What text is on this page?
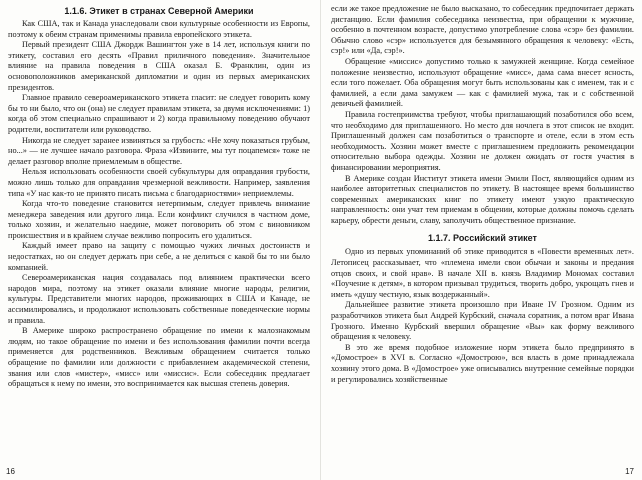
1.1.6. Этикет в странах Северной Америки

Как США, так и Канада унаследовали свои культурные особенности из Европы, поэтому к обеим странам применимы правила европейского этикета.

Первый президент США Джордж Вашингтон уже в 14 лет, используя книги по этикету, составил его десять «Правил приличного поведения». Значительное влияние на правила поведения в США оказал Б. Франклин, один из основоположников американской дипломатии и один из первых американских президентов.

Главное правило североамериканского этикета гласит: не следует говорить кому бы то ни было, что он (она) не следует правилам этикета, за двумя исключениями: 1) когда об этом специально спрашивают и 2) когда правильному поведению обучают родители, воспитатели или руководство.

Никогда не следует заранее извиняться за грубость: «Не хочу показаться грубым, но...» — не лучшее начало разговора. Фраза «Извините, мы тут поцапемся» тоже не делает разговор вполне приемлемым в обществе.

Нельзя использовать особенности своей субкультуры для оправдания грубости, можно лишь только для оправдания чрезмерной вежливости. Например, заявления типа «У нас как-то не принято писать письма с благодарностями» неприемлемы.

Когда что-то поведение становится нетерпимым, следует привлечь внимание менеджера заведения или другого лица. Если конфликт случился в частном доме, только хозяин, и желательно наедине, может поговорить об этом с виновником происшествия и в крайнем случае вежливо попросить его удалиться.

Каждый имеет право на защиту с помощью чужих личных достоинств и недостатках, но он следует держать при себе, а не делиться с какой бы то ни было компанией.

Североамериканская нация создавалась под влиянием практически всего народов мира, поэтому на этикет оказали влияние многие народы, религии, культуры. Представители многих народов, проживающих в США и Канаде, не ассимилировались, и продолжают использовать собственные поведенческие нормы и правила.

В Америке широко распространено обращение по имени к малознакомым людям, но такое обращение по имени и без использования фамилии почти всегда применяется для родственников. Вежливым обращением считается только обращение по фамилии или должности с прибавлением академической степени, звания или слов «мистер», «мисс» или «миссис». Если собеседник предлагает обращаться к нему по имени, это воспринимается как высшая степень доверия.

16

если же такое предложение не было высказано, то собеседник предпочитает держать дистанцию. Если фамилия собеседника неизвестна, при обращении к мужчине, особенно в почтенном возрасте, допустимо употребление слова «сэр» без фамилии. Обычно слово «сэр» используется для безымянного обращения к человеку: «Есть, сэр!» или «Да, сэр!».

Обращение «миссис» допустимо только к замужней женщине. Когда семейное положение неизвестно, используют обращение «мисс», дама сама внесет ясность, если того пожелает. Оба обращения могут быть использованы как с именем, так и с фамилией, а если дама замужем — как с фамилией мужа, так и с собственной девичьей фамилией.

Правила гостеприимства требуют, чтобы приглашающий позаботился обо всем, что необходимо для приглашенного. Но место для ночлега в этот список не входит. Приглашенный должен сам позаботиться о транспорте и отеле, если в этом есть необходимость. Хозяин может вместе с приглашением предложить рекомендации относительно выбора одежды. Хозяин не должен ожидать от гостя участия в финансировании мероприятия.

В Америке создан Институт этикета имени Эмили Пост, являющийся одним из наиболее авторитетных специалистов по этикету. В настоящее время большинство современных американских книг по этикету имеют узкую практическую направленность: они учат тем приемам в общении, которые должны помочь сделать карьеру, обрести деньги, славу, заполучить общественное признание.

1.1.7. Российский этикет

Одно из первых упоминаний об этике приводится в «Повести временных лет». Летописец рассказывает, что «племена имели свои обычаи и законы и предания отцов своих, и свой нрав». В начале XII в. князь Владимир Мономах составил «Поучение к детям», в котором призывал трудиться, творить добро, укрощать гнев и иметь «душу честную, язык воздержанный».

Дальнейшее развитие этикета произошло при Иване IV Грозном. Одним из разработчиков этикета был Андрей Курбский, сначала соратник, а потом враг Ивана Грозного. Именно Курбский ввершил обращение «Вы» как форму вежливого обращения к человеку.

В это же время подобное изложение норм этикета было предпринято в «Домострое» в XVI в. Согласно «Домострою», вся власть в доме принадлежала хозяину этого дома. В «Домострое» уже описывались внутренние семейные порядки и регулировались хозяйственные

17
